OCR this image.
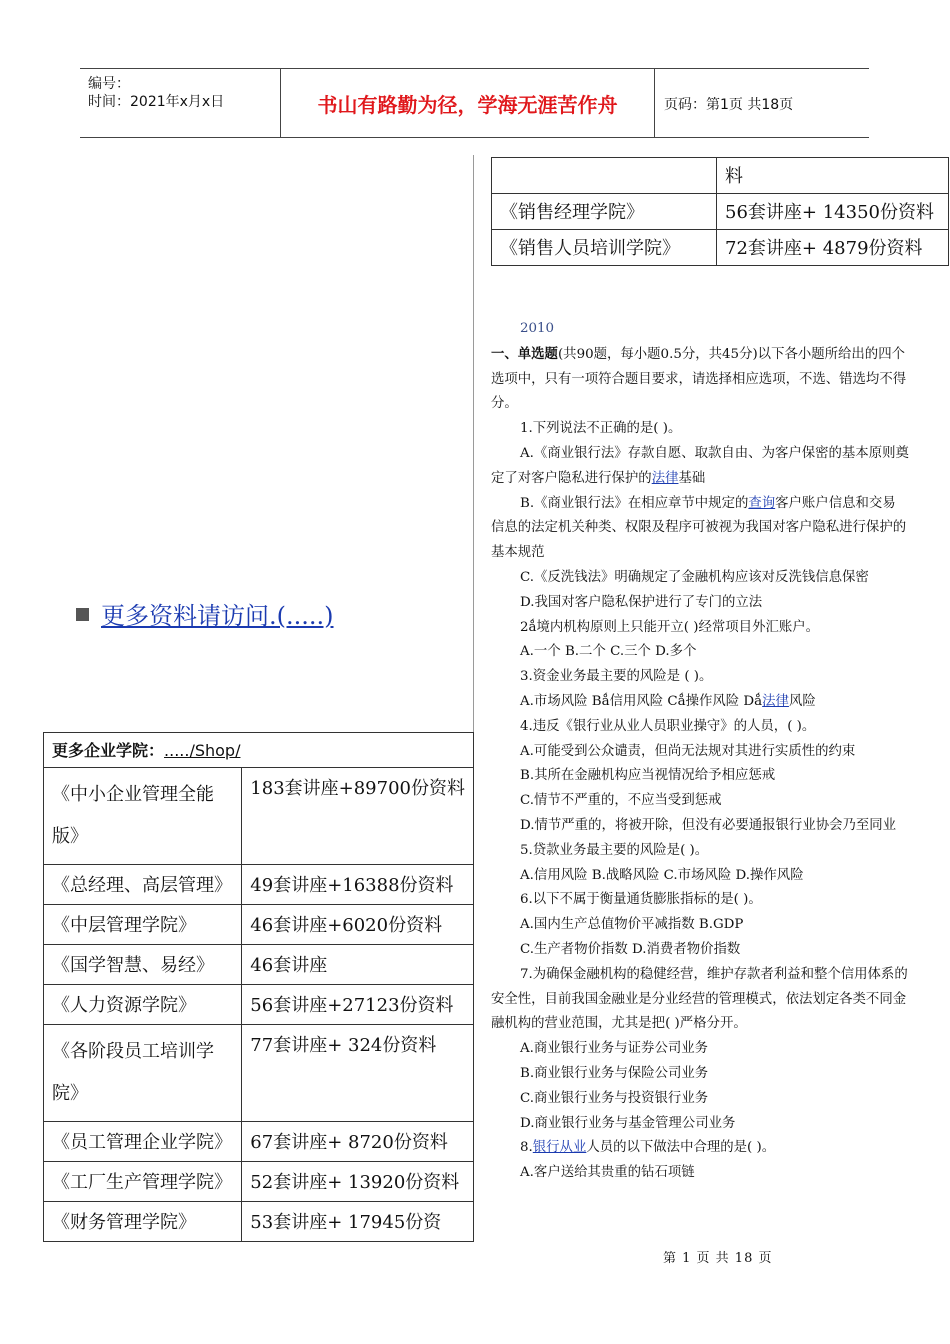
编号：
时间：2021年x月x日	书山有路勤为径，学海无涯苦作舟	页码：第1页 共18页
	料
《销售经理学院》	56套讲座+ 14350份资料
《销售人员培训学院》	72套讲座+ 4879份资料
更多资料请访问.(.....)
更多企业学院：...../Shop/	

《中小企业管理全能
版》	183套讲座+89700份资料
《总经理、高层管理》	49套讲座+16388份资料
《中层管理学院》	46套讲座+6020份资料
《国学智慧、易经》	46套讲座
《人力资源学院》	56套讲座+27123份资料

《各阶段员工培训学
院》	77套讲座+ 324份资料
《员工管理企业学院》	67套讲座+ 8720份资料
《工厂生产管理学院》	52套讲座+ 13920份资料
《财务管理学院》	53套讲座+ 17945份资

2010

一、单选题(共90题，每小题0.5分，共45分)以下各小题所给出的四个选项中，只有一项符合题目要求，请选择相应选项，不选、错选均不得分。

1.下列说法不正确的是( )。

A.《商业银行法》存款自愿、取款自由、为客户保密的基本原则奠定了对客户隐私进行保护的法律基础

B.《商业银行法》在相应章节中规定的查询客户账户信息和交易信息的法定机关种类、权限及程序可被视为我国对客户隐私进行保护的基本规范

C.《反洗钱法》明确规定了金融机构应该对反洗钱信息保密

D.我国对客户隐私保护进行了专门的立法

2ǻ境内机构原则上只能开立( )经常项目外汇账户。

A.一个 B.二个 C.三个 D.多个

3.资金业务最主要的风险是 ( )。

A.市场风险 Bǻ信用风险 Cǻ操作风险 Dǻ法律风险

4.违反《银行业从业人员职业操守》的人员，( )。

A.可能受到公众谴责，但尚无法规对其进行实质性的约束

B.其所在金融机构应当视情况给予相应惩戒

C.情节不严重的，不应当受到惩戒

D.情节严重的，将被开除，但没有必要通报银行业协会乃至同业

5.贷款业务最主要的风险是( )。

A.信用风险 B.战略风险 C.市场风险 D.操作风险

6.以下不属于衡量通货膨胀指标的是( )。

A.国内生产总值物价平减指数 B.GDP

C.生产者物价指数 D.消费者物价指数

7.为确保金融机构的稳健经营，维护存款者利益和整个信用体系的安全性，目前我国金融业是分业经营的管理模式，依法划定各类不同金融机构的营业范围，尤其是把( )严格分开。

A.商业银行业务与证券公司业务

B.商业银行业务与保险公司业务

C.商业银行业务与投资银行业务

D.商业银行业务与基金管理公司业务

8.银行从业人员的以下做法中合理的是( )。

A.客户送给其贵重的钻石项链

第 1 页 共 18 页
